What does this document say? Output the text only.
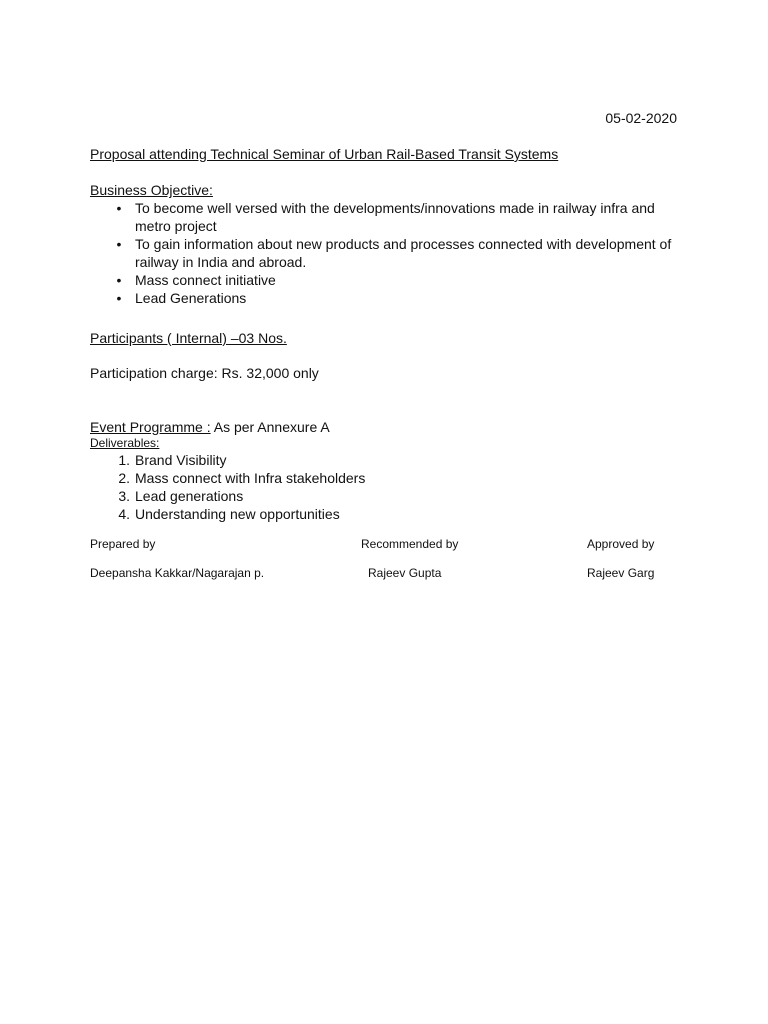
05-02-2020
Proposal attending Technical Seminar of Urban Rail-Based Transit Systems
Business Objective:
• To become well versed with the developments/innovations made in railway infra and metro project
• To gain information about new products and processes connected with development of railway in India and abroad.
• Mass connect initiative
• Lead Generations
Participants ( Internal) –03 Nos.
Participation charge: Rs. 32,000 only
Event Programme : As per Annexure A
Deliverables:
1. Brand Visibility
2. Mass connect with Infra stakeholders
3. Lead generations
4. Understanding new opportunities
Prepared by	Recommended by	Approved by
Deepansha Kakkar/Nagarajan p.	Rajeev Gupta	Rajeev Garg
